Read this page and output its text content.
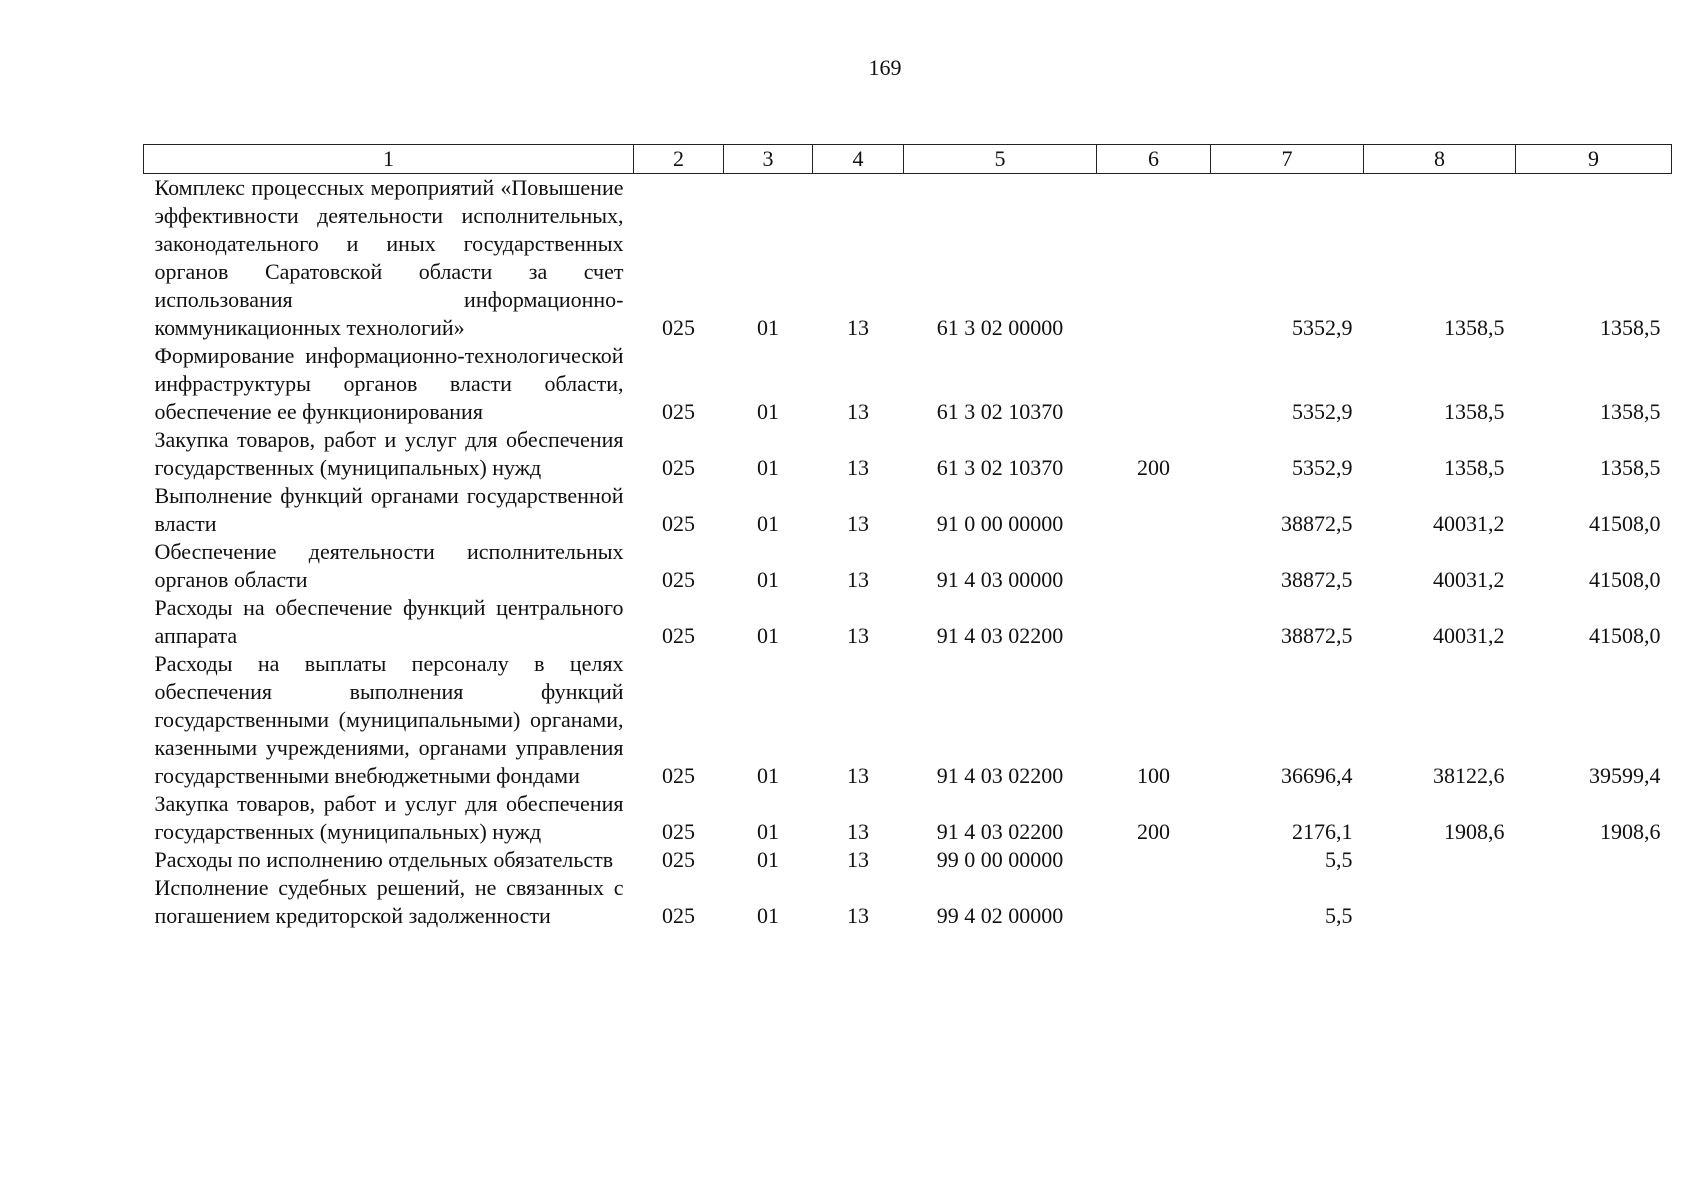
169
1	2	3	4	5	6	7	8	9
Комплекс процессных мероприятий «Повышение эффективности деятельности исполнительных, законодательного и иных государственных органов Саратовской области за счет использования информационно-коммуникационных технологий»	025	01	13	61 3 02 00000		5352,9	1358,5	1358,5
Формирование информационно-технологической инфраструктуры органов власти области, обеспечение ее функционирования	025	01	13	61 3 02 10370		5352,9	1358,5	1358,5
Закупка товаров, работ и услуг для обеспечения государственных (муниципальных) нужд	025	01	13	61 3 02 10370	200	5352,9	1358,5	1358,5
Выполнение функций органами государственной власти	025	01	13	91 0 00 00000		38872,5	40031,2	41508,0
Обеспечение деятельности исполнительных органов области	025	01	13	91 4 03 00000		38872,5	40031,2	41508,0
Расходы на обеспечение функций центрального аппарата	025	01	13	91 4 03 02200		38872,5	40031,2	41508,0
Расходы на выплаты персоналу в целях обеспечения выполнения функций государственными (муниципальными) органами, казенными учреждениями, органами управления государственными внебюджетными фондами	025	01	13	91 4 03 02200	100	36696,4	38122,6	39599,4
Закупка товаров, работ и услуг для обеспечения государственных (муниципальных) нужд	025	01	13	91 4 03 02200	200	2176,1	1908,6	1908,6
Расходы по исполнению отдельных обязательств	025	01	13	99 0 00 00000		5,5		
Исполнение судебных решений, не связанных с погашением кредиторской задолженности	025	01	13	99 4 02 00000		5,5		
